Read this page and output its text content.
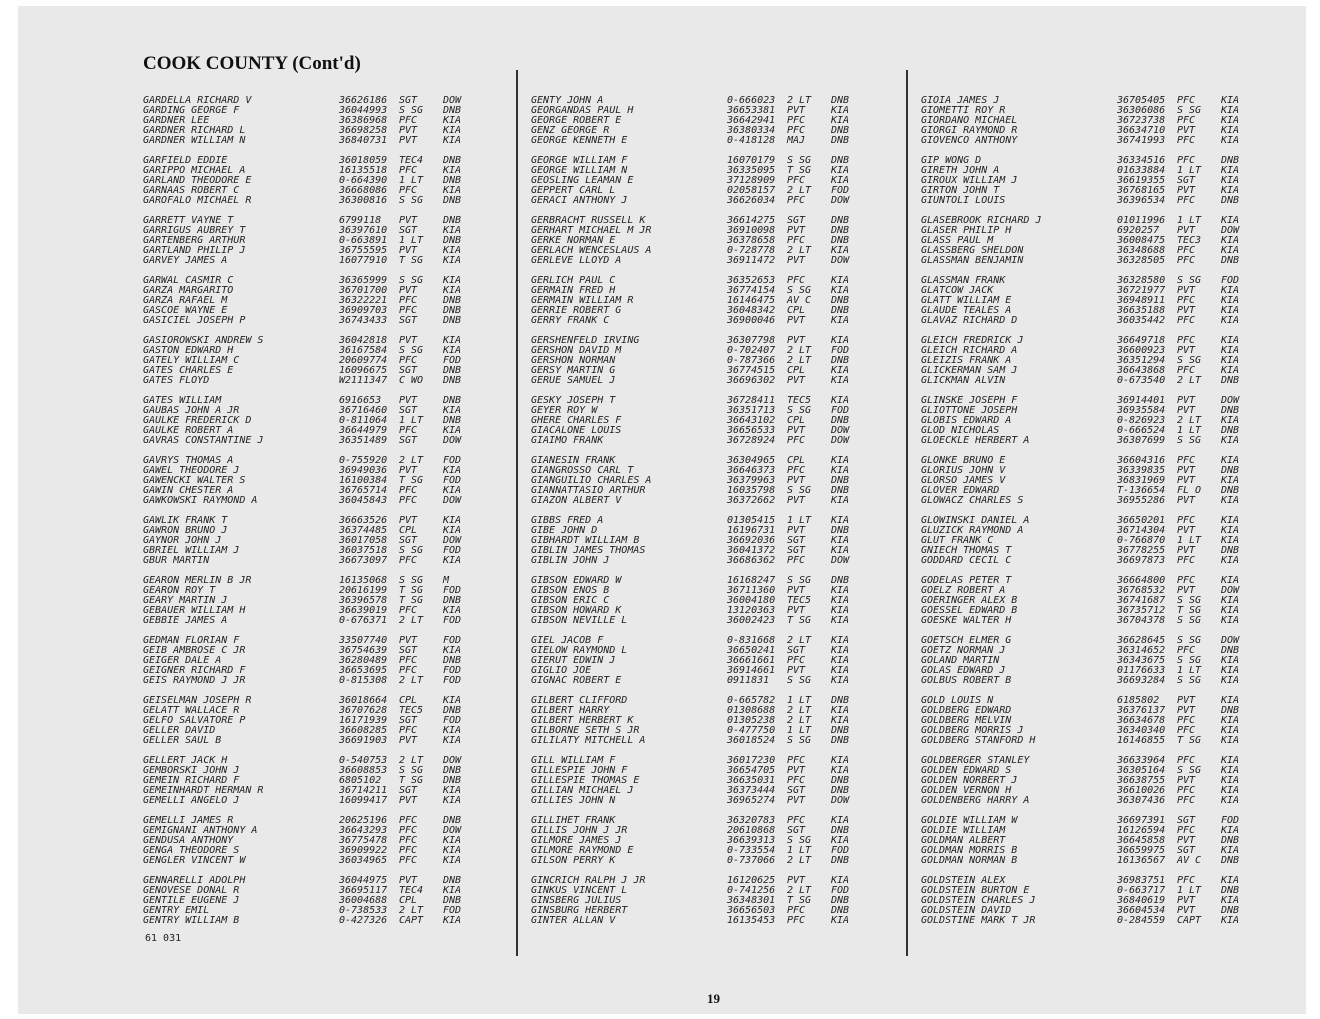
COOK COUNTY (Cont'd)
GARDELLA RICHARD V	36626186 SGT	DOW
GARDING GEORGE F	36044993 S SG DNB
GARDNER LEE	36386968 PFC	KIA
GARDNER RICHARD L	36698258 PVT	KIA
GARDNER WILLIAM N	36840731 PVT	KIA
GARFIELD EDDIE	36018059 TEC4 DNB
GARIPPO MICHAEL A	16135518 PFC	KIA
GARLAND THEODORE E	0-664390 1 LT DNB
GARNAAS ROBERT C	36668086 PFC	KIA
GAROFALO MICHAEL R	36300816 S SG DNB
GARRETT VAYNE T	6799118 PVT	DNB
GARRIGUS AUBREY T	36397610 SGT	KIA
GARTENBERG ARTHUR	0-663891 1 LT DNB
GARTLAND PHILIP J	36755595 PVT	KIA
GARVEY JAMES A	16077910 T SG KIA
GARWAL CASMIR C	36365999 S SG KIA
GARZA MARGARITO	36701700 PVT	KIA
GARZA RAFAEL M	36322221 PFC	DNB
GASCOE WAYNE E	36909703 PFC	DNB
GASICIEL JOSEPH P	36743433 SGT	DNB
GASIOROWSKI ANDREW S	36042818 PVT	KIA
GASTON EDWARD H	36167584 S SG KIA
GATELY WILLIAM C	20609774 PFC	FOD
GATES CHARLES E	16096675 SGT	DNB
GATES FLOYD	W2111347 C WO DNB
GATES WILLIAM	6916653 PVT	DNB
GAUBAS JOHN A JR	36716460 SGT	KIA
GAULKE FREDERICK D	0-811064 1 LT DNB
GAULKE ROBERT A	36644979 PFC	KIA
GAVRAS CONSTANTINE J	36351489 SGT	DOW
GAVRYS THOMAS A	0-755920 2 LT FOD
GAWEL THEODORE J	36949036 PVT	KIA
GAWENCKI WALTER S	16100384 T SG FOD
GAWIN CHESTER A	36765714 PFC	KIA
GAWKOWSKI RAYMOND A	36045843 PFC	DOW
GAWLIK FRANK T	36663526 PVT	KIA
GAWRON BRUNO J	36374485 CPL	KIA
GAYNOR JOHN J	36017058 SGT	DOW
GBRIEL WILLIAM J	36037518 S SG FOD
GBUR MARTIN	36673097 PFC	KIA
GEARON MERLIN B JR	16135068 S SG M
GEARON ROY T	20616199 T SG FOD
GEARY MARTIN J	36396578 T SG DNB
GEBAUER WILLIAM H	36639019 PFC	KIA
GEBBIE JAMES A	0-676371 2 LT FOD
GEDMAN FLORIAN F	33507740 PVT	FOD
GEIB AMBROSE C JR	36754639 SGT	KIA
GEIGER DALE A	36280489 PFC	DNB
GEIGNER RICHARD F	36653695 PFC	FOD
GEIS RAYMOND J JR	0-815308 2 LT FOD
GEISELMAN JOSEPH R	36018664 CPL	KIA
GELATT WALLACE R	36707628 TEC5 DNB
GELFO SALVATORE P	16171939 SGT	FOD
GELLER DAVID	36608285 PFC	KIA
GELLER SAUL B	36691903 PVT	KIA
GELLERT JACK H	0-540753 2 LT DOW
GEMBORSKI JOHN J	36608853 S SG DNB
GEMEIN RICHARD F	6805102 T SG DNB
GEMEINHARDT HERMAN R	36714211 SGT	KIA
GEMELLI ANGELO J	16099417 PVT	KIA
GEMELLI JAMES R	20625196 PFC	DNB
GEMIGNANI ANTHONY A	36643293 PFC	DOW
GENDUSA ANTHONY	36775478 PFC	KIA
GENGA THEODORE S	36909922 PFC	KIA
GENGLER VINCENT W	36034965 PFC	KIA
GENNARELLI ADOLPH	36044975 PVT	DNB
GENOVESE DONAL R	36695117 TEC4 KIA
GENTILE EUGENE J	36004688 CPL	DNB
GENTRY EMIL	0-738533 2 LT FOD
GENTRY WILLIAM B	0-427326 CAPT KIA
GENTY JOHN A	0-666023 2 LT DNB
GEORGANDAS PAUL H	36653381 PVT	KIA
GEORGE ROBERT E	36642941 PFC	KIA
GENZ GEORGE R	36380334 PFC	DNB
GEORGE KENNETH E	0-418128 MAJ	DNB
GEORGE WILLIAM F	16070179 S SG DNB
GEORGE WILLIAM N	36335095 T SG KIA
GEOSLING LEAMAN E	37128909 PFC	KIA
GEPPERT CARL L	02058157 2 LT FOD
GERACI ANTHONY J	36626034 PFC	DOW
GERBRACHT RUSSELL K	36614275 SGT	DNB
GERHART MICHAEL M JR	36910098 PVT	DNB
GERKE NORMAN E	36378658 PFC	DNB
GERLACH WENCESLAUS A	0-728778 2 LT KIA
GERLEVE LLOYD A	36911472 PVT	DOW
GERLICH PAUL C	36352653 PFC	KIA
GERMAIN FRED H	36774154 S SG KIA
GERMAIN WILLIAM R	16146475 AV C DNB
GERRIE ROBERT G	36048342 CPL	DNB
GERRY FRANK C	36900046 PVT	KIA
GERSHENFELD IRVING	36307798 PVT	KIA
GERSHON DAVID M	0-702407 2 LT FOD
GERSHON NORMAN	0-787366 2 LT DNB
GERSY MARTIN G	36774515 CPL	KIA
GERUE SAMUEL J	36696302 PVT	KIA
GESKY JOSEPH T	36728411 TEC5 KIA
GEYER ROY W	36351713 S SG FOD
GHERE CHARLES F	36643102 CPL	DNB
GIACALONE LOUIS	36656533 PVT	DOW
GIAIMO FRANK	36728924 PFC	DOW
GIANESIN FRANK	36304965 CPL	KIA
GIANGROSSO CARL T	36646373 PFC	KIA
GIANGUILIO CHARLES A	36379963 PVT	DNB
GIANNATTASIO ARTHUR	16035798 S SG DNB
GIAZON ALBERT V	36372662 PVT	KIA
GIBBS FRED A	01305415 1 LT KIA
GIBE JOHN D	16196731 PVT	DNB
GIBHARDT WILLIAM B	36692036 SGT	KIA
GIBLIN JAMES THOMAS	36041372 SGT	KIA
GIBLIN JOHN J	36686362 PFC	DOW
GIBSON EDWARD W	16168247 S SG DNB
GIBSON ENOS B	36711360 PVT	KIA
GIBSON ERIC C	36004180 TEC5 KIA
GIBSON HOWARD K	13120363 PVT	KIA
GIBSON NEVILLE L	36002423 T SG KIA
GIEL JACOB F	0-831668 2 LT KIA
GIELOW RAYMOND L	36650241 SGT	KIA
GIERUT EDWIN J	36661661 PFC	KIA
GIGLIO JOE	36914661 PVT	KIA
GIGNAC ROBERT E	0911831 S SG KIA
GILBERT CLIFFORD	0-665782 1 LT DNB
GILBERT HARRY	01308688 2 LT KIA
GILBERT HERBERT K	01305238 2 LT KIA
GILBORNE SETH S JR	0-477750 1 LT DNB
GILILATY MITCHELL A	36018524 S SG DNB
GILL WILLIAM F	36017230 PFC	KIA
GILLESPIE JOHN F	36654705 PVT	KIA
GILLESPIE THOMAS E	36635031 PFC	DNB
GILLIAN MICHAEL J	36373444 SGT	DNB
GILLIES JOHN N	36965274 PVT	DOW
GILLIHET FRANK	36320783 PFC	KIA
GILLIS JOHN J JR	20610868 SGT	DNB
GILMORE JAMES J	36639313 S SG KIA
GILMORE RAYMOND E	0-733554 1 LT FOD
GILSON PERRY K	0-737066 2 LT DNB
GINCRICH RALPH J JR	16120625 PVT	KIA
GINKUS VINCENT L	0-741256 2 LT FOD
GINSBERG JULIUS	36348301 T SG DNB
GINSBURG HERBERT	36656503 PFC	DNB
GINTER ALLAN V	16135453 PFC	KIA
GIOIA JAMES J	36705405 PFC	KIA
GIOMETTI ROY R	36306086 S SG KIA
GIORDANO MICHAEL	36723738 PFC	KIA
GIORGI RAYMOND R	36634710 PVT	KIA
GIOVENCO ANTHONY	36741993 PFC	KIA
GIP WONG D	36334516 PFC	DNB
GIRETH JOHN A	01633884 1 LT KIA
GIROUX WILLIAM J	36619355 SGT	KIA
GIRTON JOHN T	36768165 PVT	KIA
GIUNTOLI LOUIS	36396534 PFC	DNB
GLASEBROOK RICHARD J	01011996 1 LT KIA
GLASER PHILIP H	6920257 PVT	DOW
GLASS PAUL M	36008475 TEC3 KIA
GLASSBERG SHELDON	36348688 PFC	KIA
GLASSMAN BENJAMIN	36328505 PFC	DNB
GLASSMAN FRANK	36328580 S SG FOD
GLATCOW JACK	36721977 PVT	KIA
GLATT WILLIAM E	36948911 PFC	KIA
GLAUDE TEALES A	36635188 PVT	KIA
GLAVAZ RICHARD D	36035442 PFC	KIA
GLEICH FREDRICK J	36649718 PFC	KIA
GLEICH RICHARD A	36600923 PVT	KIA
GLEIZIS FRANK A	36351294 S SG KIA
GLICKERMAN SAM J	36643868 PFC	KIA
GLICKMAN ALVIN	0-673540 2 LT DNB
GLINSKE JOSEPH F	36914401 PVT	DOW
GLIOTTONE JOSEPH	36935584 PVT	DNB
GLOBIS EDWARD A	0-826923 2 LT KIA
GLOD NICHOLAS	0-666524 1 LT DNB
GLOECKLE HERBERT A	36307699 S SG KIA
GLONKE BRUNO E	36604316 PFC	KIA
GLORIUS JOHN V	36339835 PVT	DNB
GLORSO JAMES V	36831969 PVT	KIA
GLOVER EDWARD	T-136654 FL O DNB
GLOWACZ CHARLES S	36955286 PVT	KIA
GLOWINSKI DANIEL A	36650201 PFC	KIA
GLUZICK RAYMOND A	36714304 PVT	KIA
GLUT FRANK C	0-766870 1 LT KIA
GNIECH THOMAS T	36778255 PVT	DNB
GODDARD CECIL C	36697873 PFC	KIA
GODELAS PETER T	36664800 PFC	KIA
GOELZ ROBERT A	36768532 PVT	DOW
GOERINGER ALEX B	36741687 S SG KIA
GOESSEL EDWARD B	36735712 T SG KIA
GOESKE WALTER H	36704378 S SG KIA
GOETSCH ELMER G	36628645 S SG DOW
GOETZ NORMAN J	36314652 PFC	DNB
GOLAND MARTIN	36343675 S SG KIA
GOLAS EDWARD J	01176633 1 LT KIA
GOLBUS ROBERT B	36693284 S SG KIA
GOLD LOUIS N	6185802 PVT	KIA
GOLDBERG EDWARD	36376137 PVT	DNB
GOLDBERG MELVIN	36634678 PFC	KIA
GOLDBERG MORRIS J	36340340 PFC	KIA
GOLDBERG STANFORD H	16146855 T SG KIA
GOLDBERGER STANLEY	36633964 PFC	KIA
GOLDEN EDWARD S	36305164 S SG KIA
GOLDEN NORBERT J	36638755 PVT	KIA
GOLDEN VERNON H	36610026 PFC	KIA
GOLDENBERG HARRY A	36307436 PFC	KIA
GOLDIE WILLIAM W	36697391 SGT	FOD
GOLDIE WILLIAM	16126594 PFC	KIA
GOLDMAN ALBERT	36645858 PVT	DNB
GOLDMAN MORRIS B	36659975 SGT	KIA
GOLDMAN NORMAN B	16136567 AV C DNB
GOLDSTEIN ALEX	36983751 PFC	KIA
GOLDSTEIN BURTON E	0-663717 1 LT DNB
GOLDSTEIN CHARLES J	36840619 PVT	KIA
GOLDSTEIN DAVID	36604534 PVT	DNB
GOLDSTINE MARK T JR	0-284559 CAPT KIA
61 031
19
